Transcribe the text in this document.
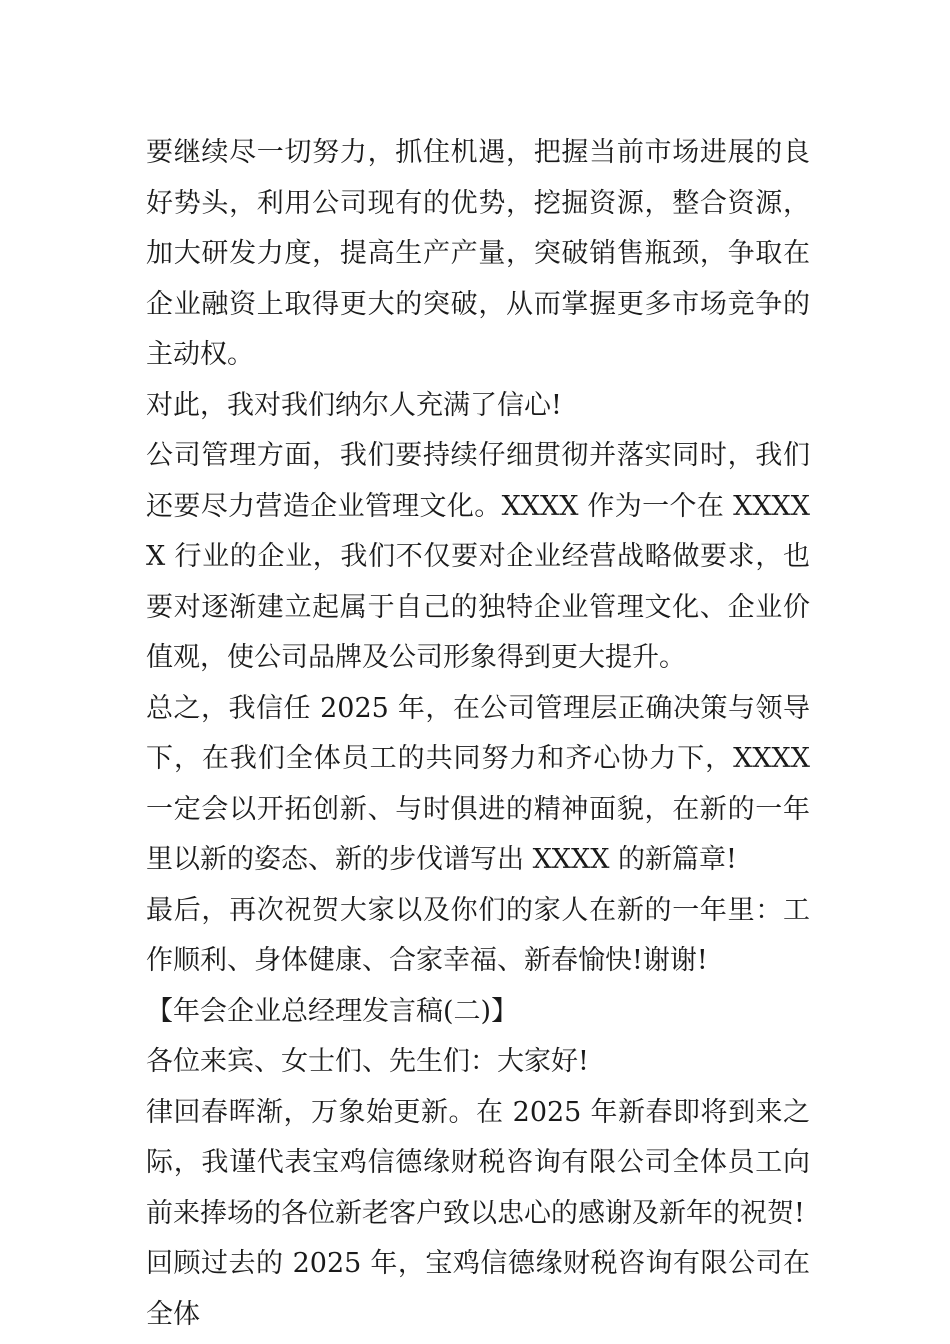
要继续尽一切努力，抓住机遇，把握当前市场进展的良好势头，利用公司现有的优势，挖掘资源，整合资源，加大研发力度，提高生产产量，突破销售瓶颈，争取在企业融资上取得更大的突破，从而掌握更多市场竞争的主动权。

对此，我对我们纳尔人充满了信心!

公司管理方面，我们要持续仔细贯彻并落实同时，我们还要尽力营造企业管理文化。XXXX 作为一个在 XXXXX 行业的企业，我们不仅要对企业经营战略做要求，也要对逐渐建立起属于自己的独特企业管理文化、企业价值观，使公司品牌及公司形象得到更大提升。

总之，我信任 2025 年，在公司管理层正确决策与领导下，在我们全体员工的共同努力和齐心协力下，XXXX 一定会以开拓创新、与时俱进的精神面貌，在新的一年里以新的姿态、新的步伐谱写出 XXXX 的新篇章!

最后，再次祝贺大家以及你们的家人在新的一年里：工作顺利、身体健康、合家幸福、新春愉快!谢谢!

【年会企业总经理发言稿(二)】

各位来宾、女士们、先生们：大家好!

律回春晖渐，万象始更新。在 2025 年新春即将到来之际，我谨代表宝鸡信德缘财税咨询有限公司全体员工向前来捧场的各位新老客户致以忠心的感谢及新年的祝贺!

回顾过去的 2025 年，宝鸡信德缘财税咨询有限公司在全体
